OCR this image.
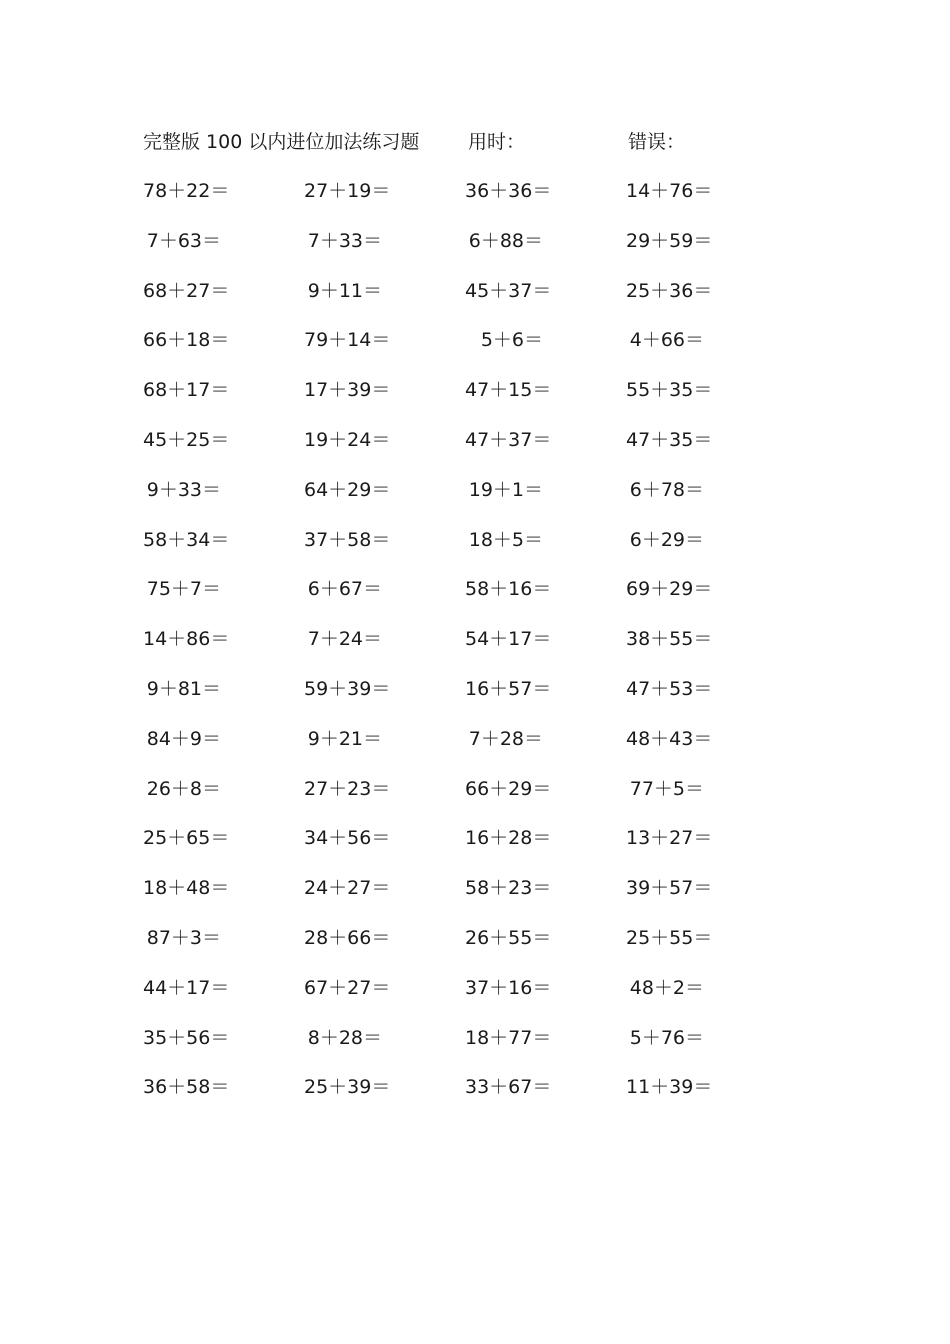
完整版 100 以内进位加法练习题	用时：	错误：
78＋22＝	27＋19＝	36＋36＝	14＋76＝
7＋63＝	7＋33＝	6＋88＝	29＋59＝
68＋27＝	9＋11＝	45＋37＝	25＋36＝
66＋18＝	79＋14＝	5＋6＝	4＋66＝
68＋17＝	17＋39＝	47＋15＝	55＋35＝
45＋25＝	19＋24＝	47＋37＝	47＋35＝
9＋33＝	64＋29＝	19＋1＝	6＋78＝
58＋34＝	37＋58＝	18＋5＝	6＋29＝
75＋7＝	6＋67＝	58＋16＝	69＋29＝
14＋86＝	7＋24＝	54＋17＝	38＋55＝
9＋81＝	59＋39＝	16＋57＝	47＋53＝
84＋9＝	9＋21＝	7＋28＝	48＋43＝
26＋8＝	27＋23＝	66＋29＝	77＋5＝
25＋65＝	34＋56＝	16＋28＝	13＋27＝
18＋48＝	24＋27＝	58＋23＝	39＋57＝
87＋3＝	28＋66＝	26＋55＝	25＋55＝
44＋17＝	67＋27＝	37＋16＝	48＋2＝
35＋56＝	8＋28＝	18＋77＝	5＋76＝
36＋58＝	25＋39＝	33＋67＝	11＋39＝
